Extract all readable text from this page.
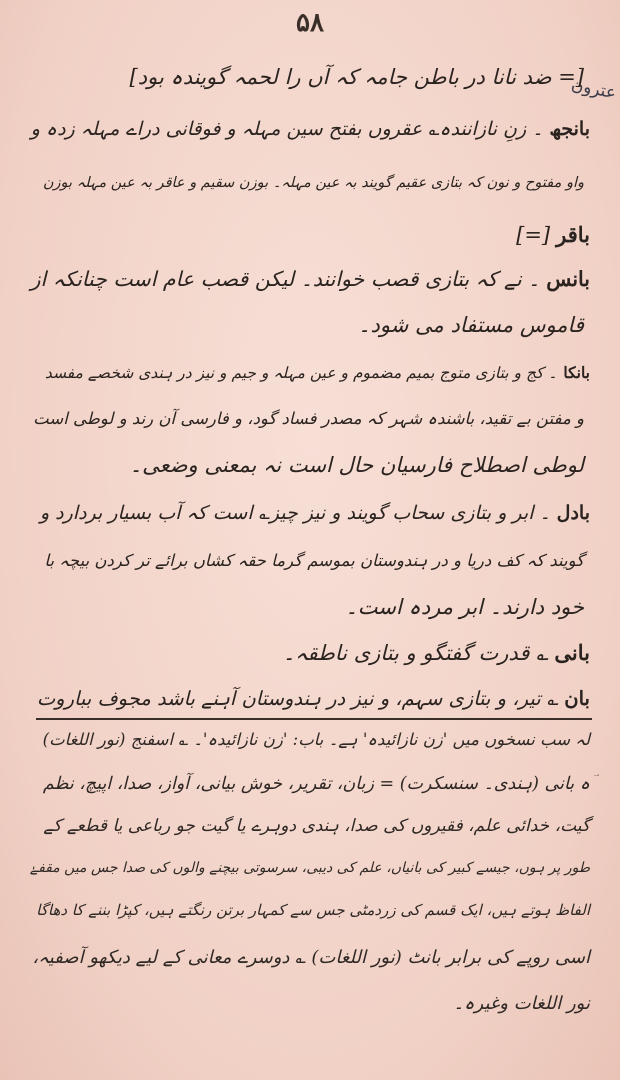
۵۸
عترون
[= ضد نانا در باطن جامہ کہ آں را لحمہ گویندہ بود]
بانجھ۔ زنِ نازانندہ؎ عقروں بفتح سین مہلہ و فوقانی دراے مہلہ زدہ و
واو مفتوح و نون کہ بتازی عقیم گویند بہ عین مہلہ۔ بوزن سقیم و عاقر بہ عین مہلہ بوزن
باقر[=]
بانس۔ نے کہ بتازی قصب خوانند۔ لیکن قصب عام است چنانکہ از
قاموس مستفاد می شود۔
بانکا۔ کج و بتازی متوج بمیم مضموم و عین مہلہ و جیم و نیز در ہندی شخصے مفسد
و مفتن بے تقید، باشندہ شہر کہ مصدر فساد گود، و فارسی آن رند و لوطی است
لوطی اصطلاح فارسیان حال است نہ بمعنی وضعی۔
بادل۔ ابر و بتازی سحاب گویند و نیز چیز؎ است کہ آب بسیار بردارد و
گویند کہ کف دریا و در ہندوستان بموسم گرما حقہ کشاں برائے تر کردن بیچہ با
خود دارند۔ ابر مردہ است۔
بانی؎ قدرت گفتگو و بتازی ناطقہ۔
بان؎ تیر، و بتازی سہم، و نیز در ہندوستان آہنے باشد مجوف بباروت
لہ سب نسخوں میں 'زن نازائیدہ' ہے۔ باب: 'زن نازائیدہ'۔ ؎ اسفنج (نور اللغات)
ؔہ بانی (ہندی۔ سنسکرت) = زبان، تقریر، خوش بیانی، آواز، صدا، اپیچ، نظم
گیت، خدائی علم، فقیروں کی صدا، ہندی دوہرے یا گیت جو رباعی یا قطعے کے
طور پر ہوں، جیسے کبیر کی بانیاں، علم کی دیبی، سرسوتی بیچنے والوں کی صدا جس میں مقفےٰ
الفاظ ہوتے ہیں، ایک قسم کی زردمٹی جس سے کمہار برتن رنگتے ہیں، کپڑا بننے کا دھاگا
اسی روپے کی برابر بانٹ (نور اللغات) ؎ دوسرے معانی کے لیے دیکھو آصفیہ،
نور اللغات وغیرہ۔
